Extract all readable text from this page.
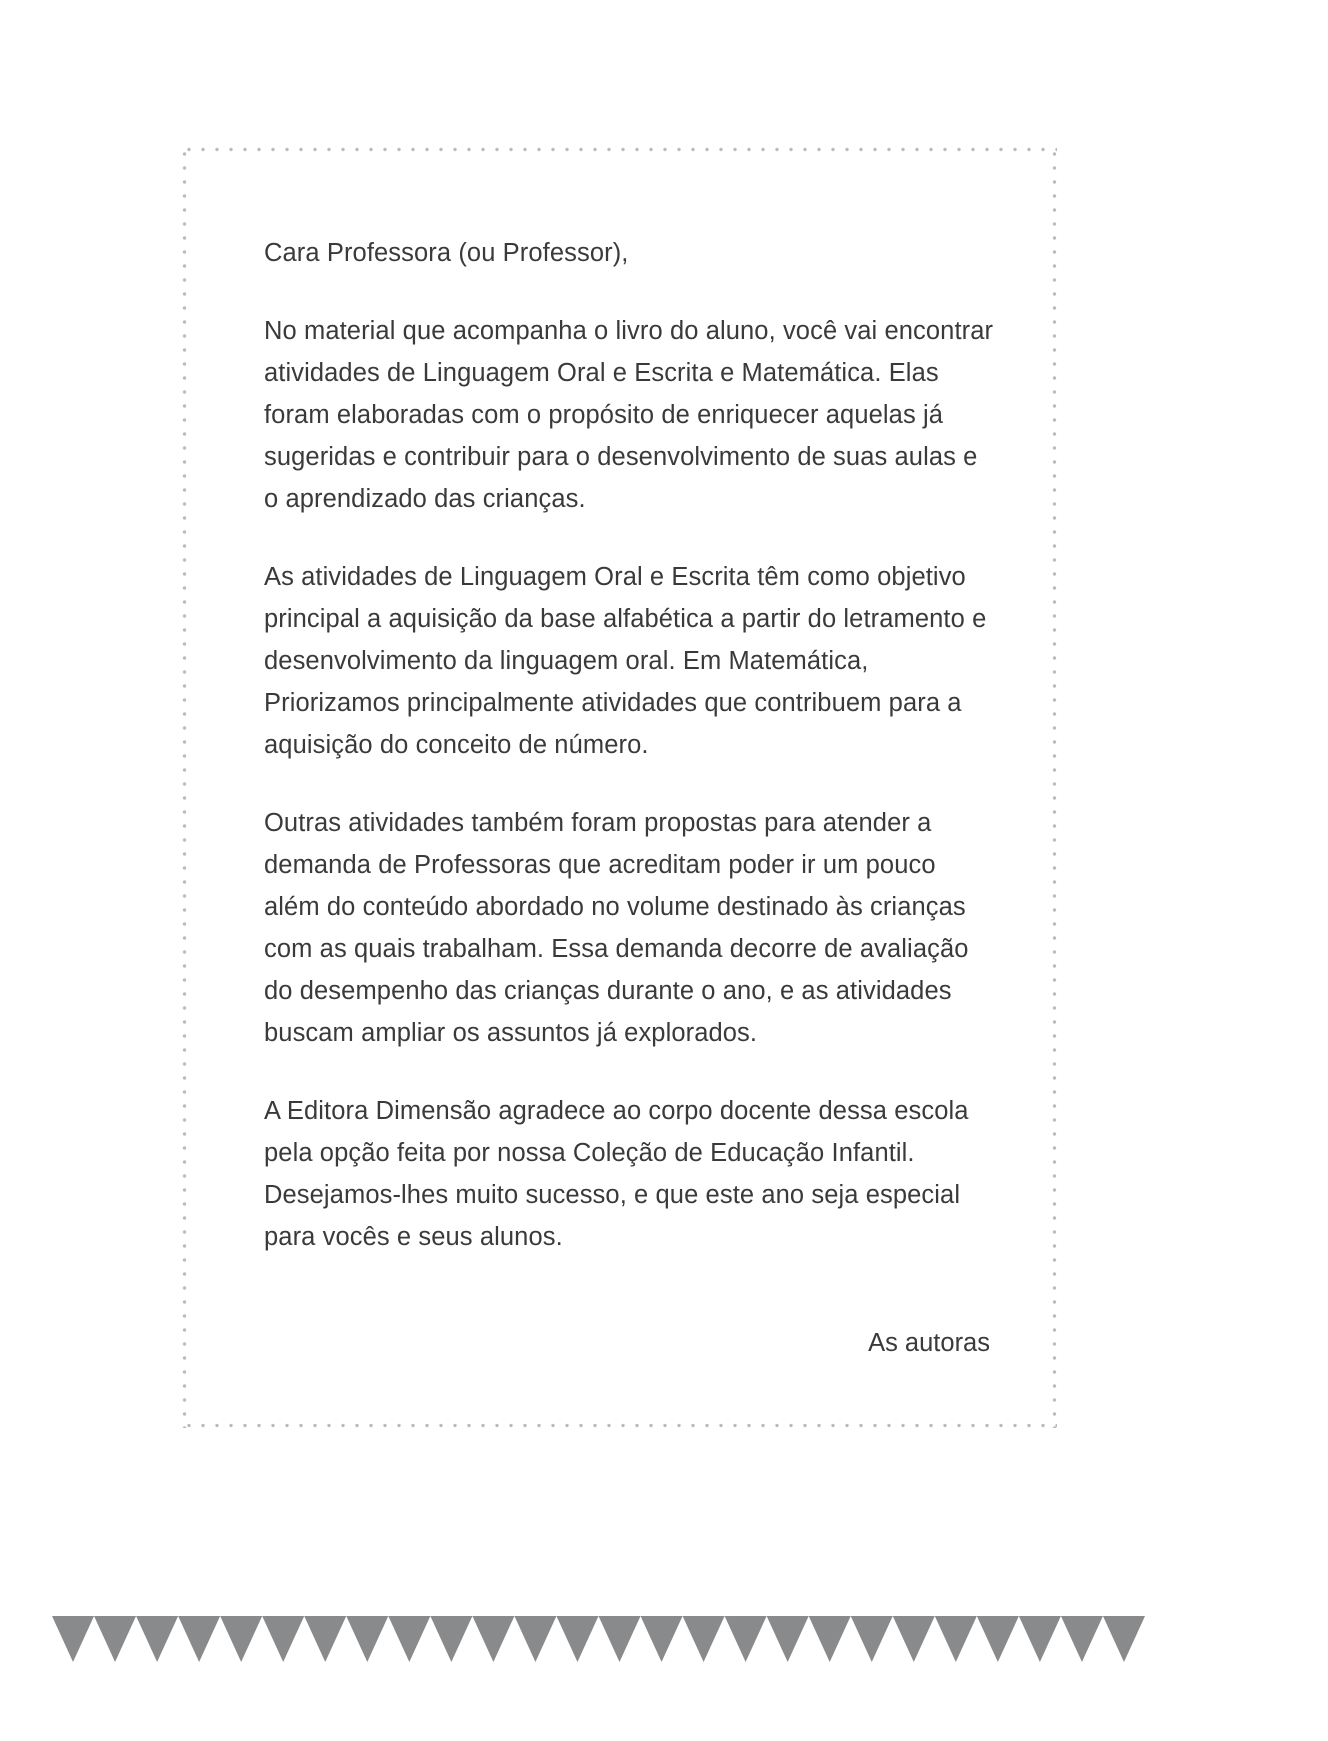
Cara Professora (ou Professor),

No material que acompanha o livro do aluno, você vai encontrar atividades de Linguagem Oral e Escrita e Matemática. Elas foram elaboradas com o propósito de enriquecer aquelas já sugeridas e contribuir para o desenvolvimento de suas aulas e o aprendizado das crianças.

As atividades de Linguagem Oral e Escrita têm como objetivo principal a aquisição da base alfabética a partir do letramento e desenvolvimento da linguagem oral. Em Matemática, Priorizamos principalmente atividades que contribuem para a aquisição do conceito de número.

Outras atividades também foram propostas para atender a demanda de Professoras que acreditam poder ir um pouco além do conteúdo abordado no volume destinado às crianças com as quais trabalham. Essa demanda decorre de avaliação do desempenho das crianças durante o ano, e as atividades buscam ampliar os assuntos já explorados.

A Editora Dimensão agradece ao corpo docente dessa escola pela opção feita por nossa Coleção de Educação Infantil. Desejamos-lhes muito sucesso, e que este ano seja especial para vocês e seus alunos.

As autoras
